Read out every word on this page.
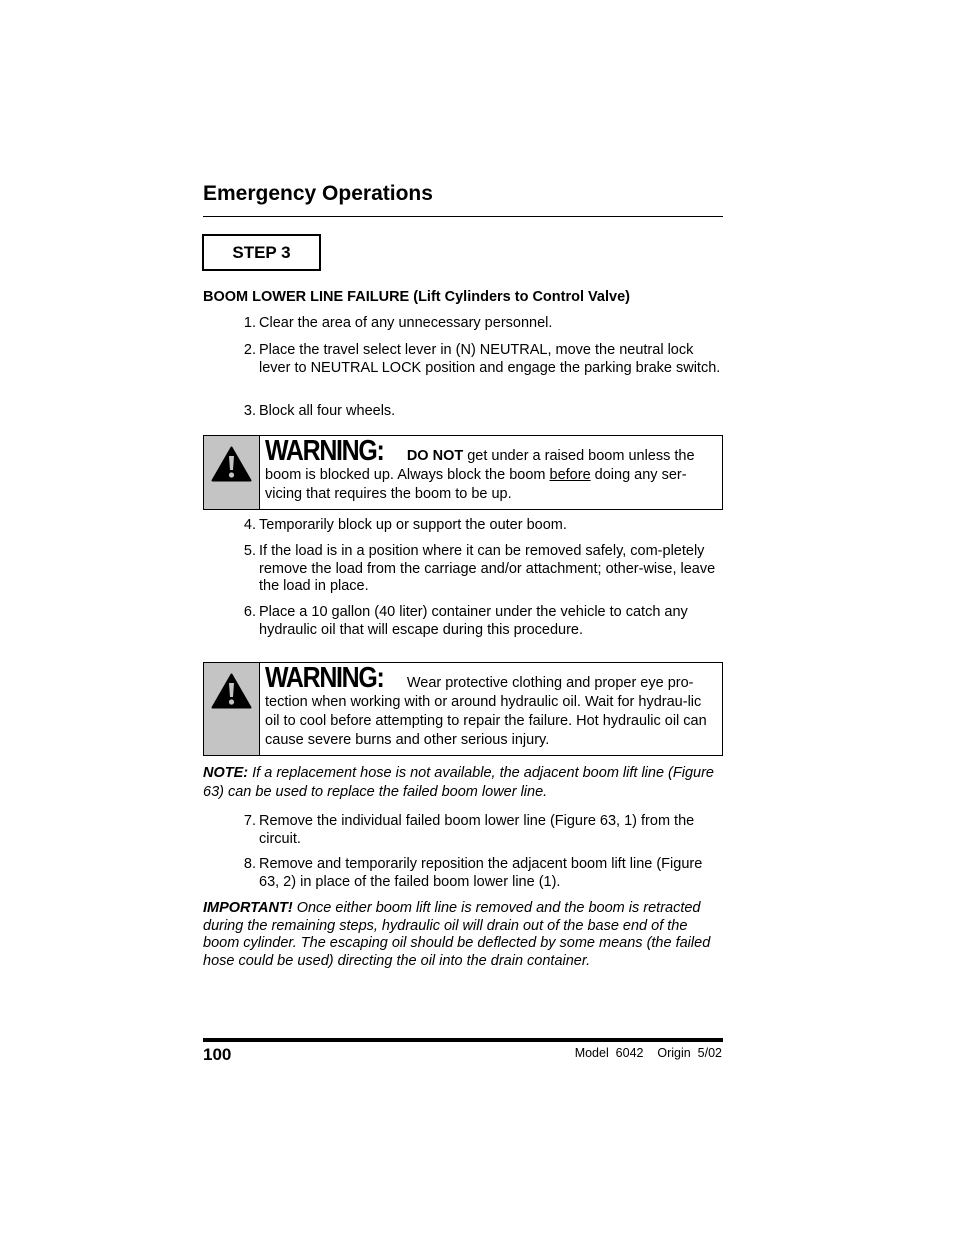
Emergency Operations
STEP 3
BOOM LOWER LINE FAILURE (Lift Cylinders to Control Valve)
1. Clear the area of any unnecessary personnel.
2. Place the travel select lever in (N) NEUTRAL, move the neutral lock lever to NEUTRAL LOCK position and engage the parking brake switch.
3. Block all four wheels.
WARNING: DO NOT get under a raised boom unless the boom is blocked up. Always block the boom before doing any ser-vicing that requires the boom to be up.
4. Temporarily block up or support the outer boom.
5. If the load is in a position where it can be removed safely, com-pletely remove the load from the carriage and/or attachment; other-wise, leave the load in place.
6. Place a 10 gallon (40 liter) container under the vehicle to catch any hydraulic oil that will escape during this procedure.
WARNING: Wear protective clothing and proper eye pro-tection when working with or around hydraulic oil. Wait for hydrau-lic oil to cool before attempting to repair the failure. Hot hydraulic oil can cause severe burns and other serious injury.
NOTE: If a replacement hose is not available, the adjacent boom lift line (Figure 63) can be used to replace the failed boom lower line.
7. Remove the individual failed boom lower line (Figure 63, 1) from the circuit.
8. Remove and temporarily reposition the adjacent boom lift line (Figure 63, 2) in place of the failed boom lower line (1).
IMPORTANT! Once either boom lift line is removed and the boom is retracted during the remaining steps, hydraulic oil will drain out of the base end of the boom cylinder. The escaping oil should be deflected by some means (the failed hose could be used) directing the oil into the drain container.
100	Model  6042    Origin  5/02
